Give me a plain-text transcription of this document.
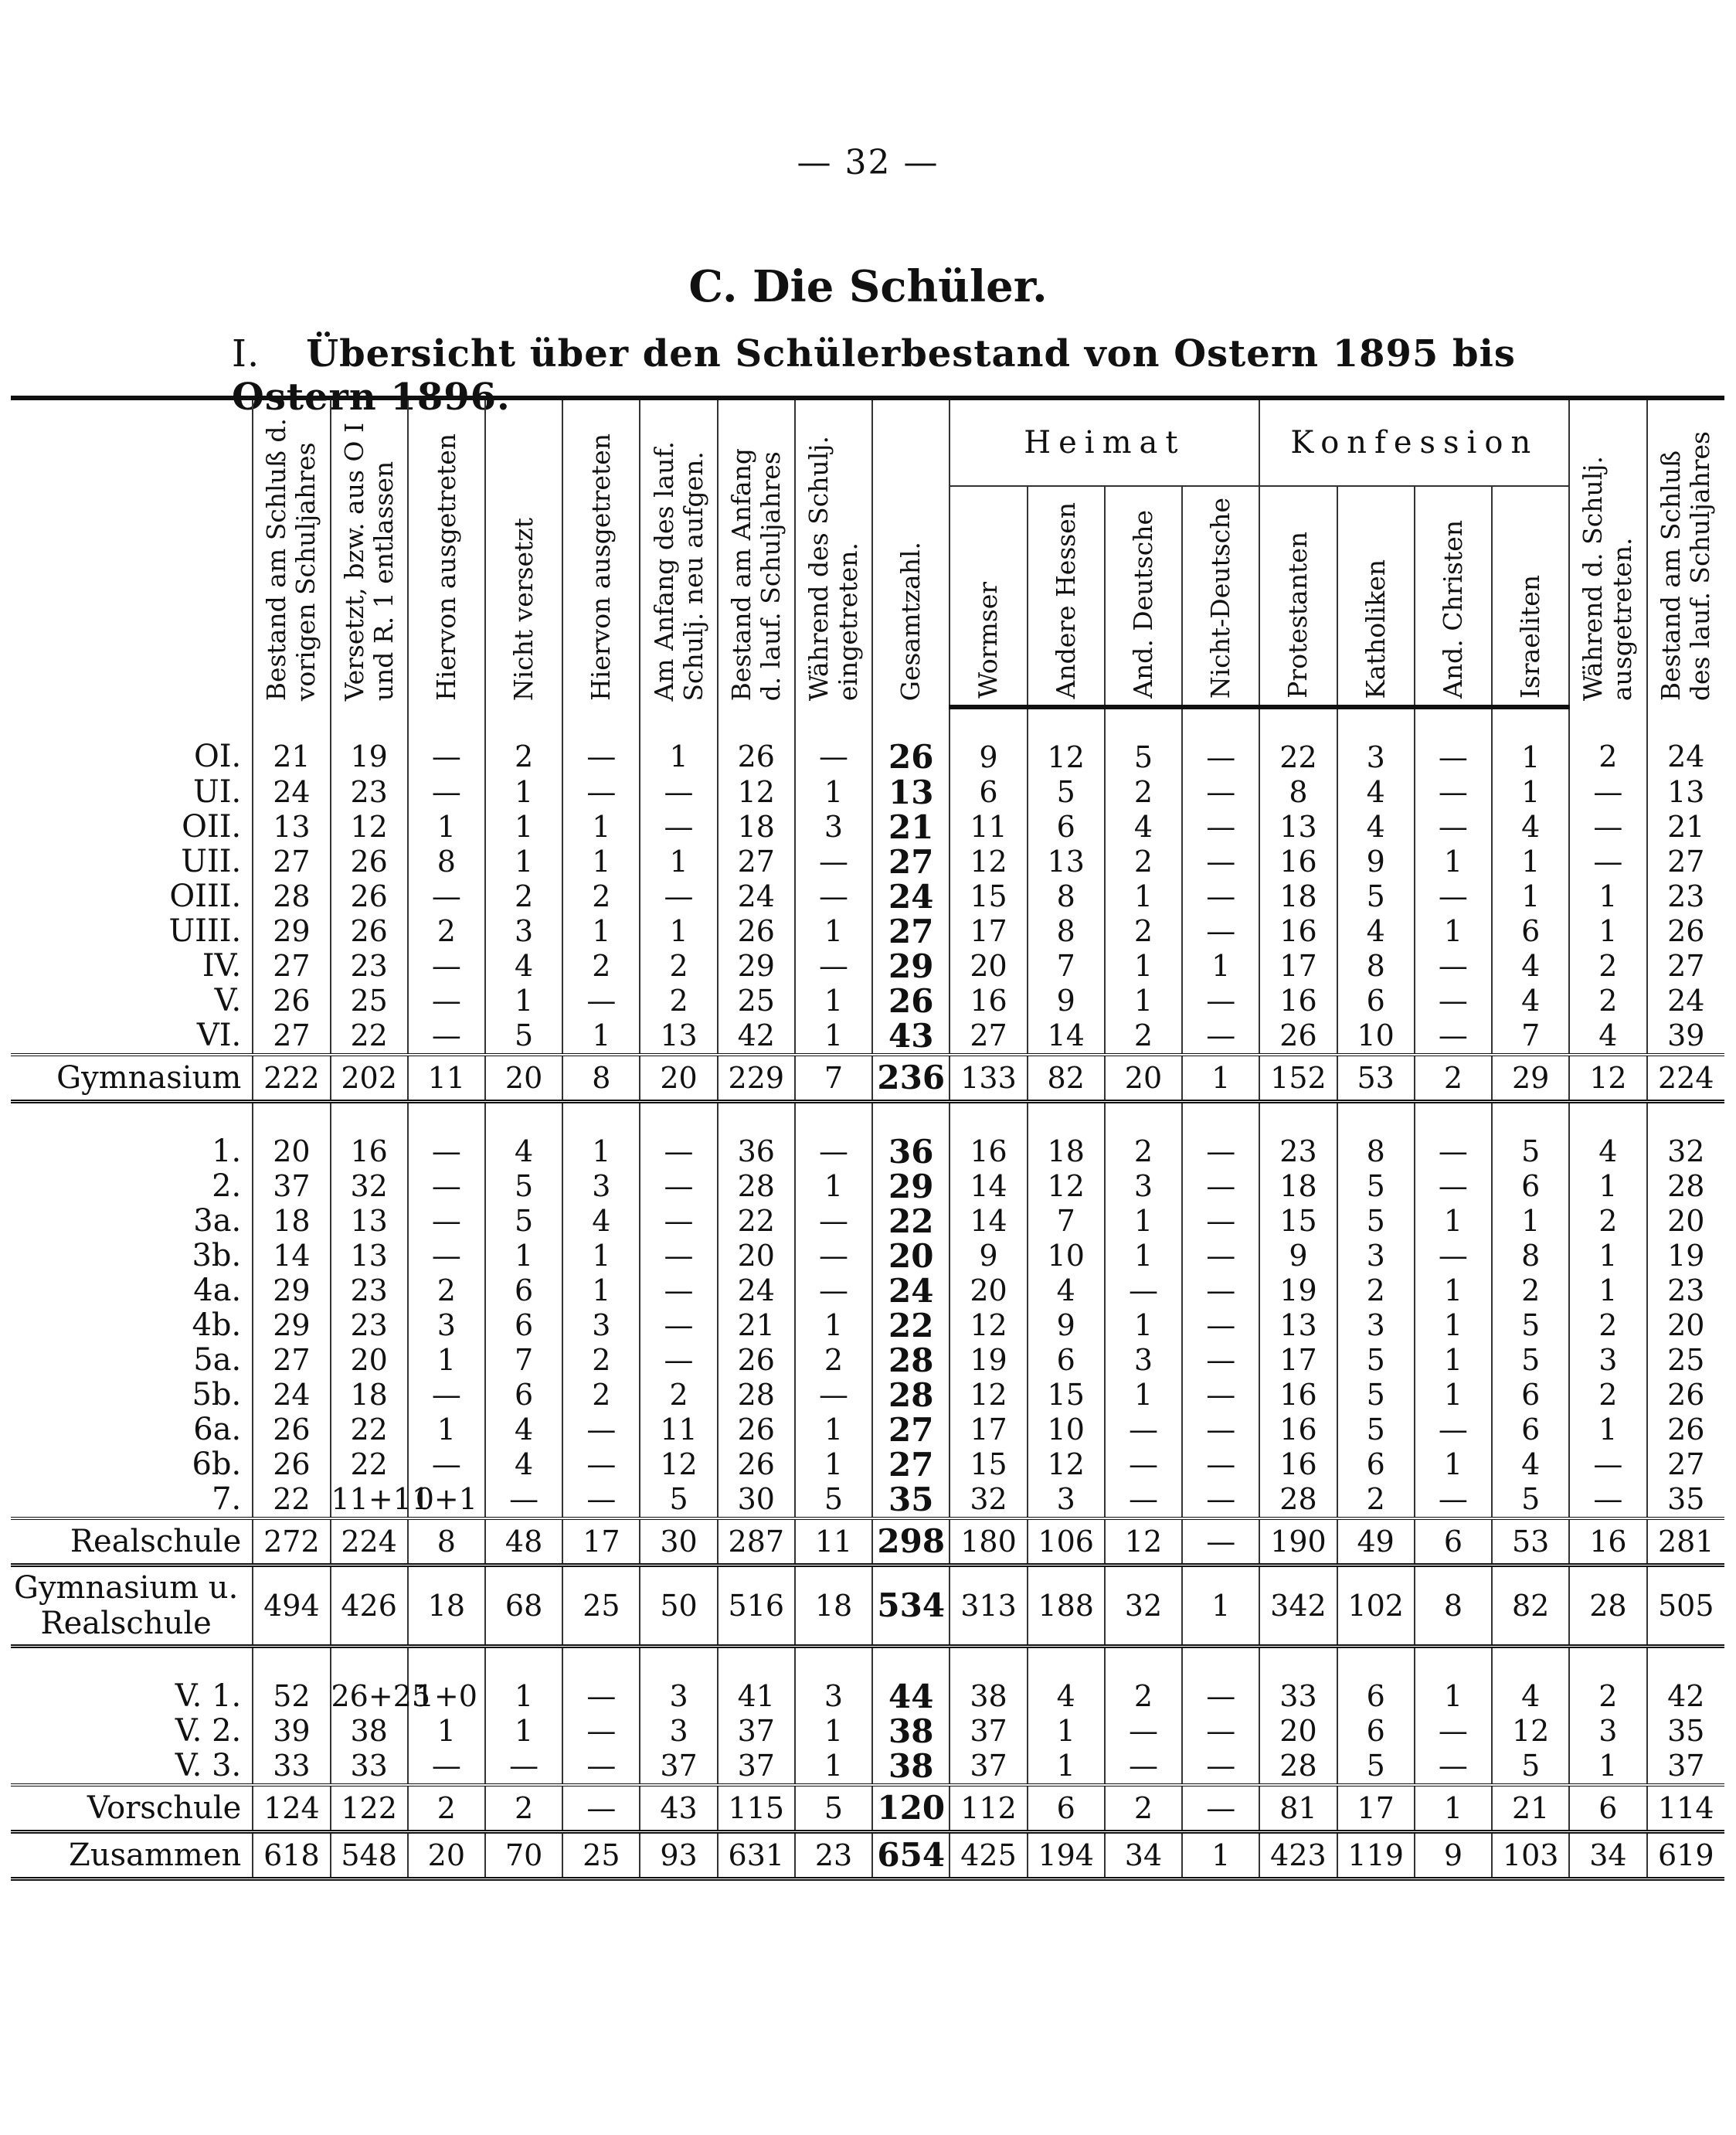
— 32 —
C. Die Schüler.
I. Übersicht über den Schülerbestand von Ostern 1895 bis Ostern 1896.

	Bestand am Schluß d.
vorigen Schuljahres	Versetzt, bzw. aus O I
und R. 1 entlassen	Hiervon ausgetreten	Nicht versetzt	Hiervon ausgetreten	Am Anfang des lauf.
Schulj. neu aufgen.	Bestand am Anfang
d. lauf. Schuljahres	Während des Schulj.
eingetreten.	Gesamtzahl.	Heimat				Konfession				Während d. Schulj.
ausgetreten.	Bestand am Schluß
des lauf. Schuljahres

										Wormser	Andere Hessen	And. Deutsche	Nicht-Deutsche	Protestanten	Katholiken	And. Christen	Israeliten		

OI.	21	19	—	2	—	1	26	—	26	9	12	5	—	22	3	—	1	2	24
UI.	24	23	—	1	—	—	12	1	13	6	5	2	—	8	4	—	1	—	13
OII.	13	12	1	1	1	—	18	3	21	11	6	4	—	13	4	—	4	—	21
UII.	27	26	8	1	1	1	27	—	27	12	13	2	—	16	9	1	1	—	27
OIII.	28	26	—	2	2	—	24	—	24	15	8	1	—	18	5	—	1	1	23
UIII.	29	26	2	3	1	1	26	1	27	17	8	2	—	16	4	1	6	1	26
IV.	27	23	—	4	2	2	29	—	29	20	7	1	1	17	8	—	4	2	27
V.	26	25	—	1	—	2	25	1	26	16	9	1	—	16	6	—	4	2	24
VI.	27	22	—	5	1	13	42	1	43	27	14	2	—	26	10	—	7	4	39
Gymnasium	222	202	11	20	8	20	229	7	236	133	82	20	1	152	53	2	29	12	224
1.	20	16	—	4	1	—	36	—	36	16	18	2	—	23	8	—	5	4	32
2.	37	32	—	5	3	—	28	1	29	14	12	3	—	18	5	—	6	1	28
3a.	18	13	—	5	4	—	22	—	22	14	7	1	—	15	5	1	1	2	20
3b.	14	13	—	1	1	—	20	—	20	9	10	1	—	9	3	—	8	1	19
4a.	29	23	2	6	1	—	24	—	24	20	4	—	—	19	2	1	2	1	23
4b.	29	23	3	6	3	—	21	1	22	12	9	1	—	13	3	1	5	2	20
5a.	27	20	1	7	2	—	26	2	28	19	6	3	—	17	5	1	5	3	25
5b.	24	18	—	6	2	2	28	—	28	12	15	1	—	16	5	1	6	2	26
6a.	26	22	1	4	—	11	26	1	27	17	10	—	—	16	5	—	6	1	26
6b.	26	22	—	4	—	12	26	1	27	15	12	—	—	16	6	1	4	—	27
7.	22	11+11	0+1	—	—	5	30	5	35	32	3	—	—	28	2	—	5	—	35
Realschule	272	224	8	48	17	30	287	11	298	180	106	12	—	190	49	6	53	16	281
Gymnasium u.
Realschule	494	426	18	68	25	50	516	18	534	313	188	32	1	342	102	8	82	28	505
V. 1.	52	26+25	1+0	1	—	3	41	3	44	38	4	2	—	33	6	1	4	2	42
V. 2.	39	38	1	1	—	3	37	1	38	37	1	—	—	20	6	—	12	3	35
V. 3.	33	33	—	—	—	37	37	1	38	37	1	—	—	28	5	—	5	1	37
Vorschule	124	122	2	2	—	43	115	5	120	112	6	2	—	81	17	1	21	6	114
Zusammen	618	548	20	70	25	93	631	23	654	425	194	34	1	423	119	9	103	34	619
